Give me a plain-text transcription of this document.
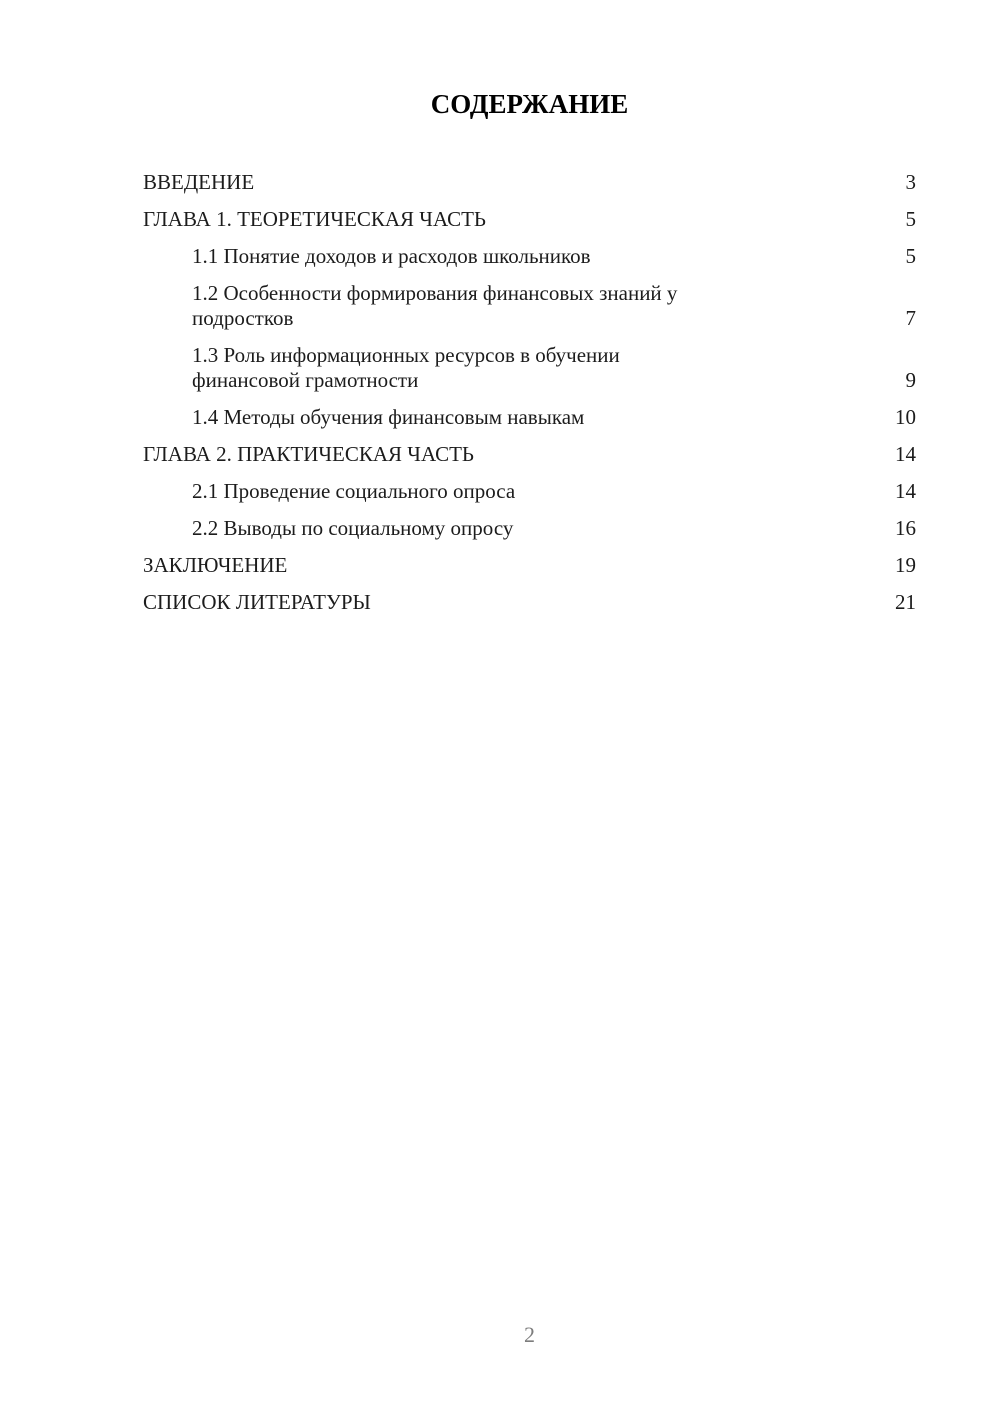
СОДЕРЖАНИЕ
ВВЕДЕНИЕ	3
ГЛАВА 1. ТЕОРЕТИЧЕСКАЯ ЧАСТЬ	5
1.1 Понятие доходов и расходов школьников	5
1.2 Особенности формирования финансовых знаний у
подростков	7
1.3 Роль информационных ресурсов в обучении
финансовой грамотности	9
1.4 Методы обучения финансовым навыкам	10
ГЛАВА 2. ПРАКТИЧЕСКАЯ ЧАСТЬ	14
2.1 Проведение социального опроса	14
2.2 Выводы по социальному опросу	16
ЗАКЛЮЧЕНИЕ	19
СПИСОК ЛИТЕРАТУРЫ	21
2
